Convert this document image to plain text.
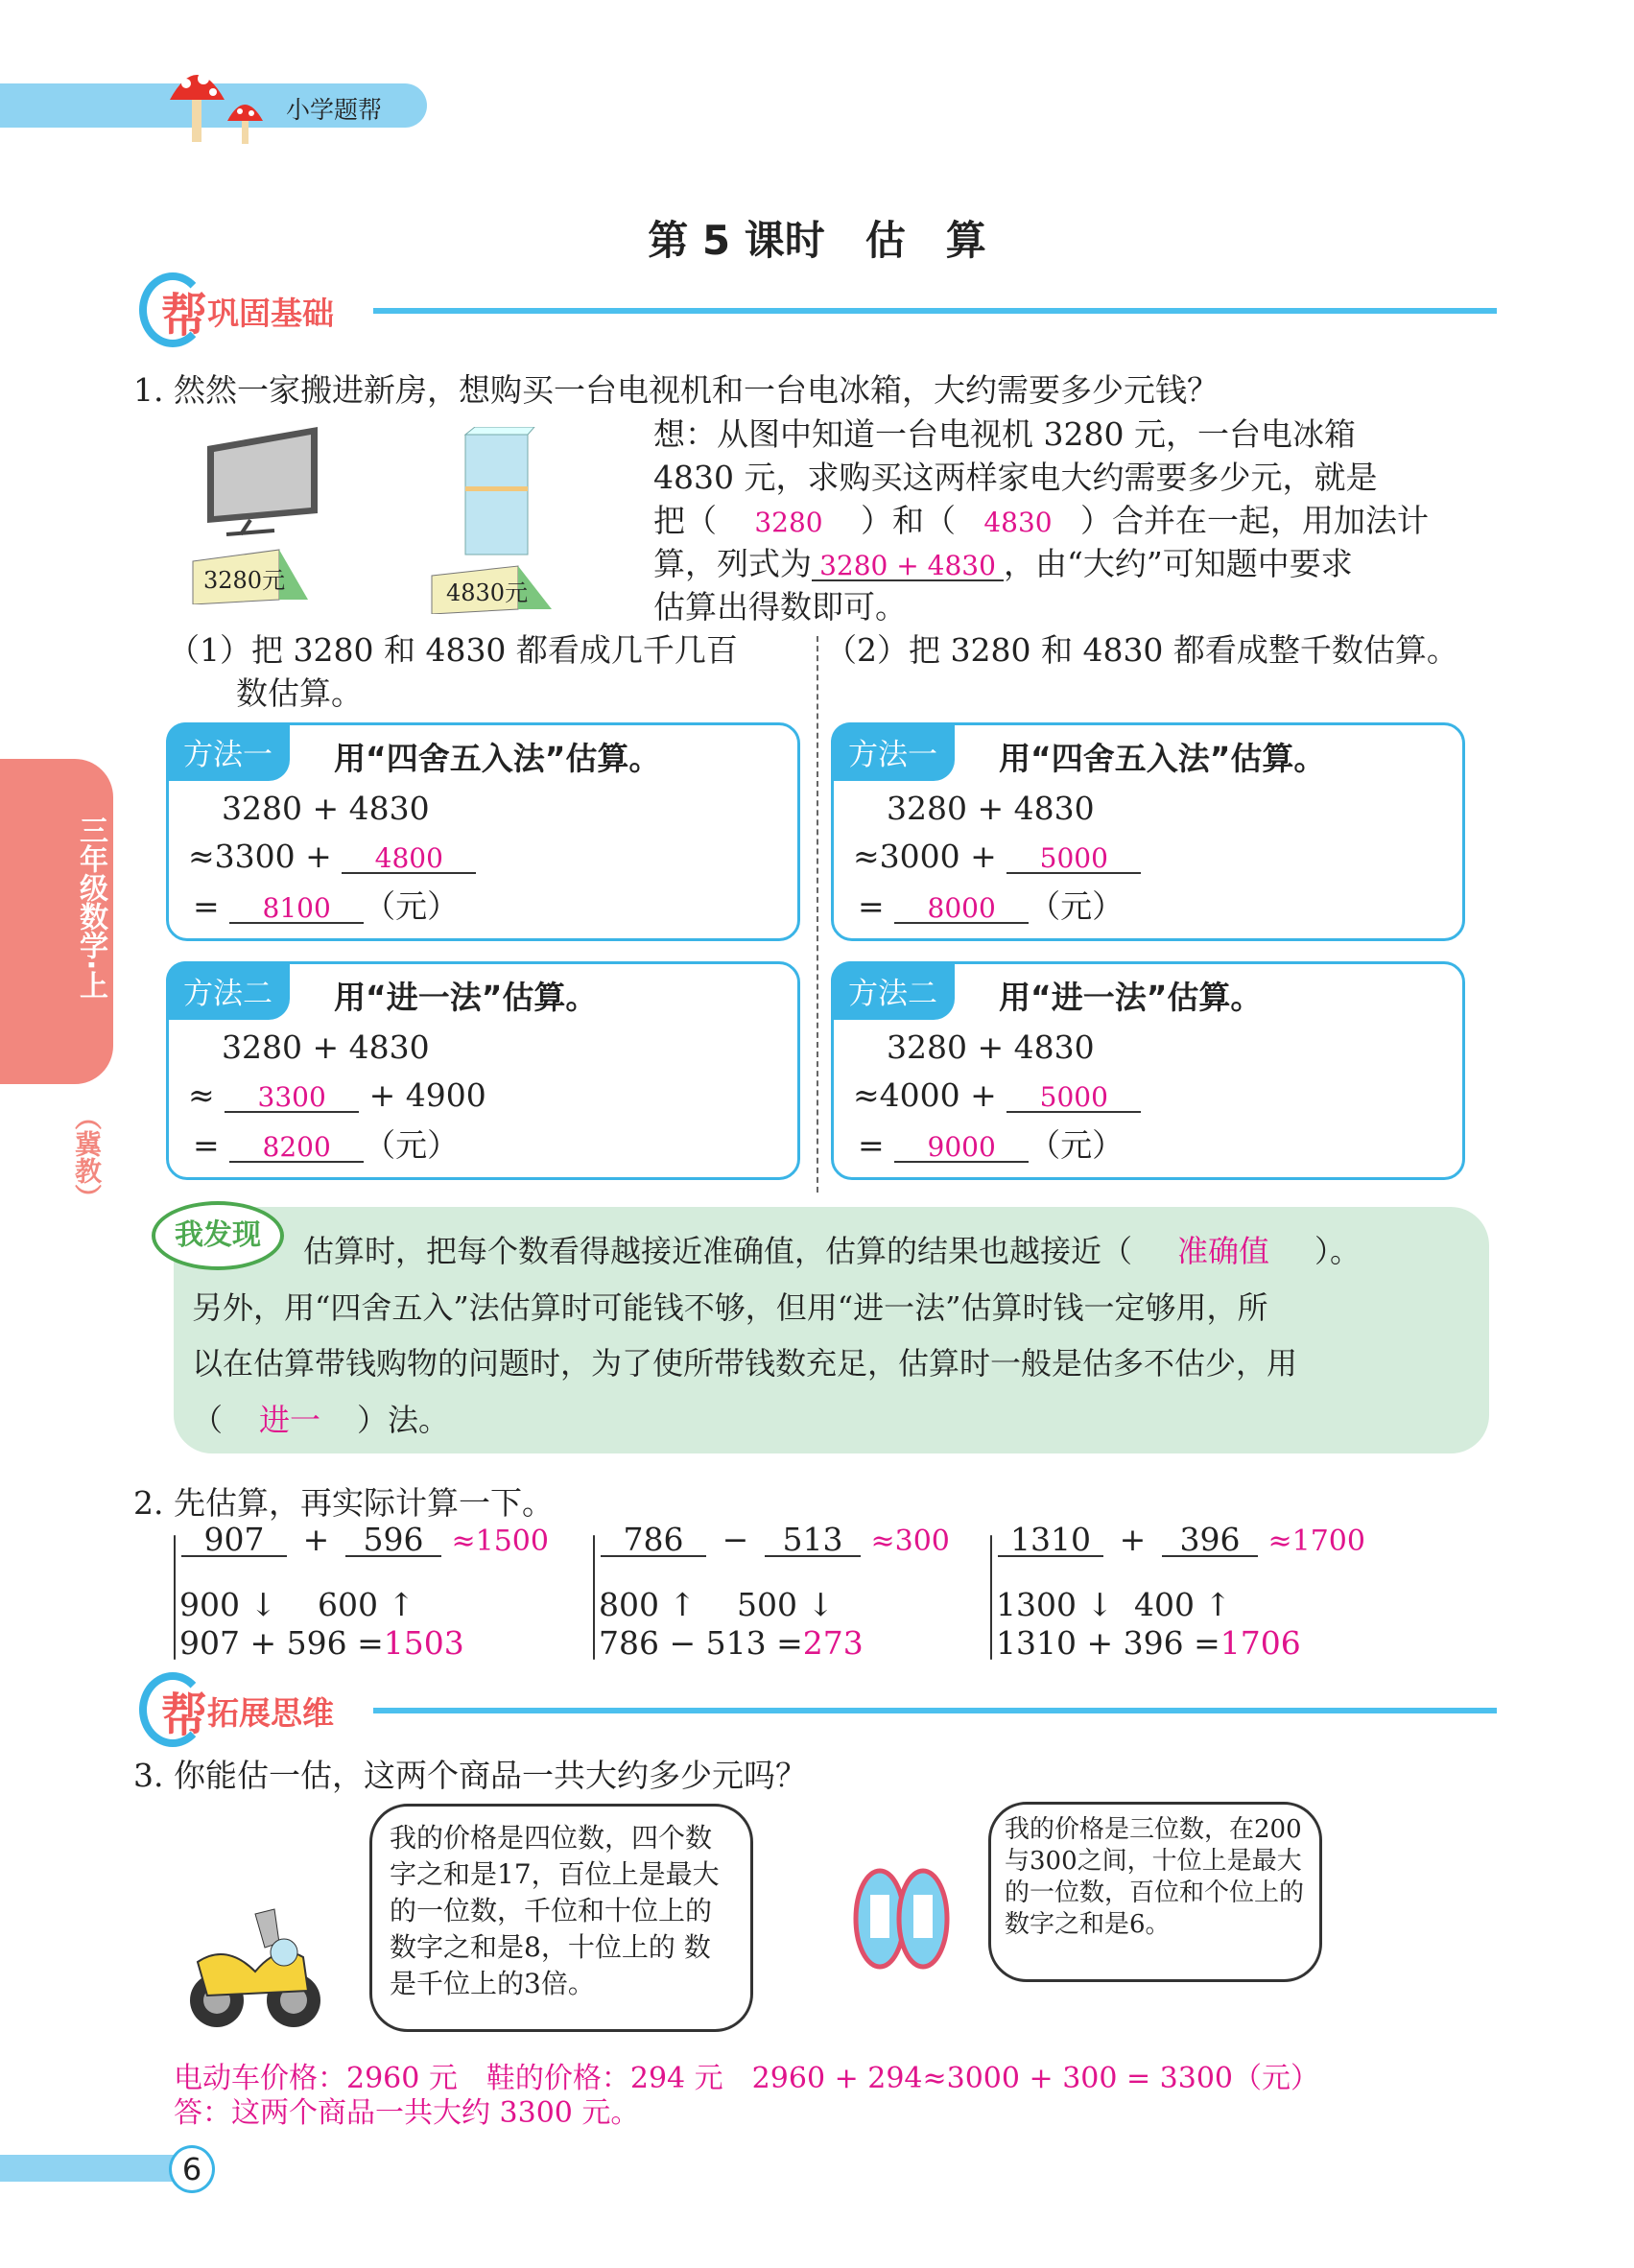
小学题帮
第 5 课时　估　算
三年级数学·上
（冀教）
帮 巩固基础
1. 然然一家搬进新房，想购买一台电视机和一台电冰箱，大约需要多少元钱？
3280元	4830元
想：从图中知道一台电视机 3280 元，一台电冰箱
4830 元，求购买这两样家电大约需要多少元，就是
把（ 3280 ）和（ 4830 ）合并在一起，用加法计
算，列式为 3280 + 4830 ，由“大约”可知题中要求
估算出得数即可。
（1）把 3280 和 4830 都看成几千几百
数估算。
（2）把 3280 和 4830 都看成整千数估算。
方法一	用“四舍五入法”估算。
3280 + 4830
≈3300 + 4800
= 8100 （元）
方法二	用“进一法”估算。
3280 + 4830
≈ 3300 + 4900
= 8200 （元）
方法一	用“四舍五入法”估算。
3280 + 4830
≈3000 + 5000
= 8000 （元）
方法二	用“进一法”估算。
3280 + 4830
≈4000 + 5000
= 9000 （元）
我发现	估算时，把每个数看得越接近准确值，估算的结果也越接近（ 准确值 ）。
另外，用“四舍五入”法估算时可能钱不够，但用“进一法”估算时钱一定够用，所
以在估算带钱购物的问题时，为了使所带钱数充足，估算时一般是估多不估少，用
（ 进一 ）法。
2. 先估算，再实际计算一下。
907 + 596 ≈1500
900 ↓ 600 ↑
907 + 596 =1503
786 − 513 ≈300
800 ↑ 500 ↓
786 − 513 =273
1310 + 396 ≈1700
1300 ↓ 400 ↑
1310 + 396 =1706
帮 拓展思维
3. 你能估一估，这两个商品一共大约多少元吗？
我的价格是四位数，四个数字之和是17，百位上是最大的一位数，千位和十位上的数字之和是8，十位上的 数是千位上的3倍。
我的价格是三位数，在200与300之间，十位上是最大的一位数，百位和个位上的数字之和是6。
电动车价格：2960 元　鞋的价格：294 元　2960 + 294≈3000 + 300 = 3300（元）
答：这两个商品一共大约 3300 元。
6
